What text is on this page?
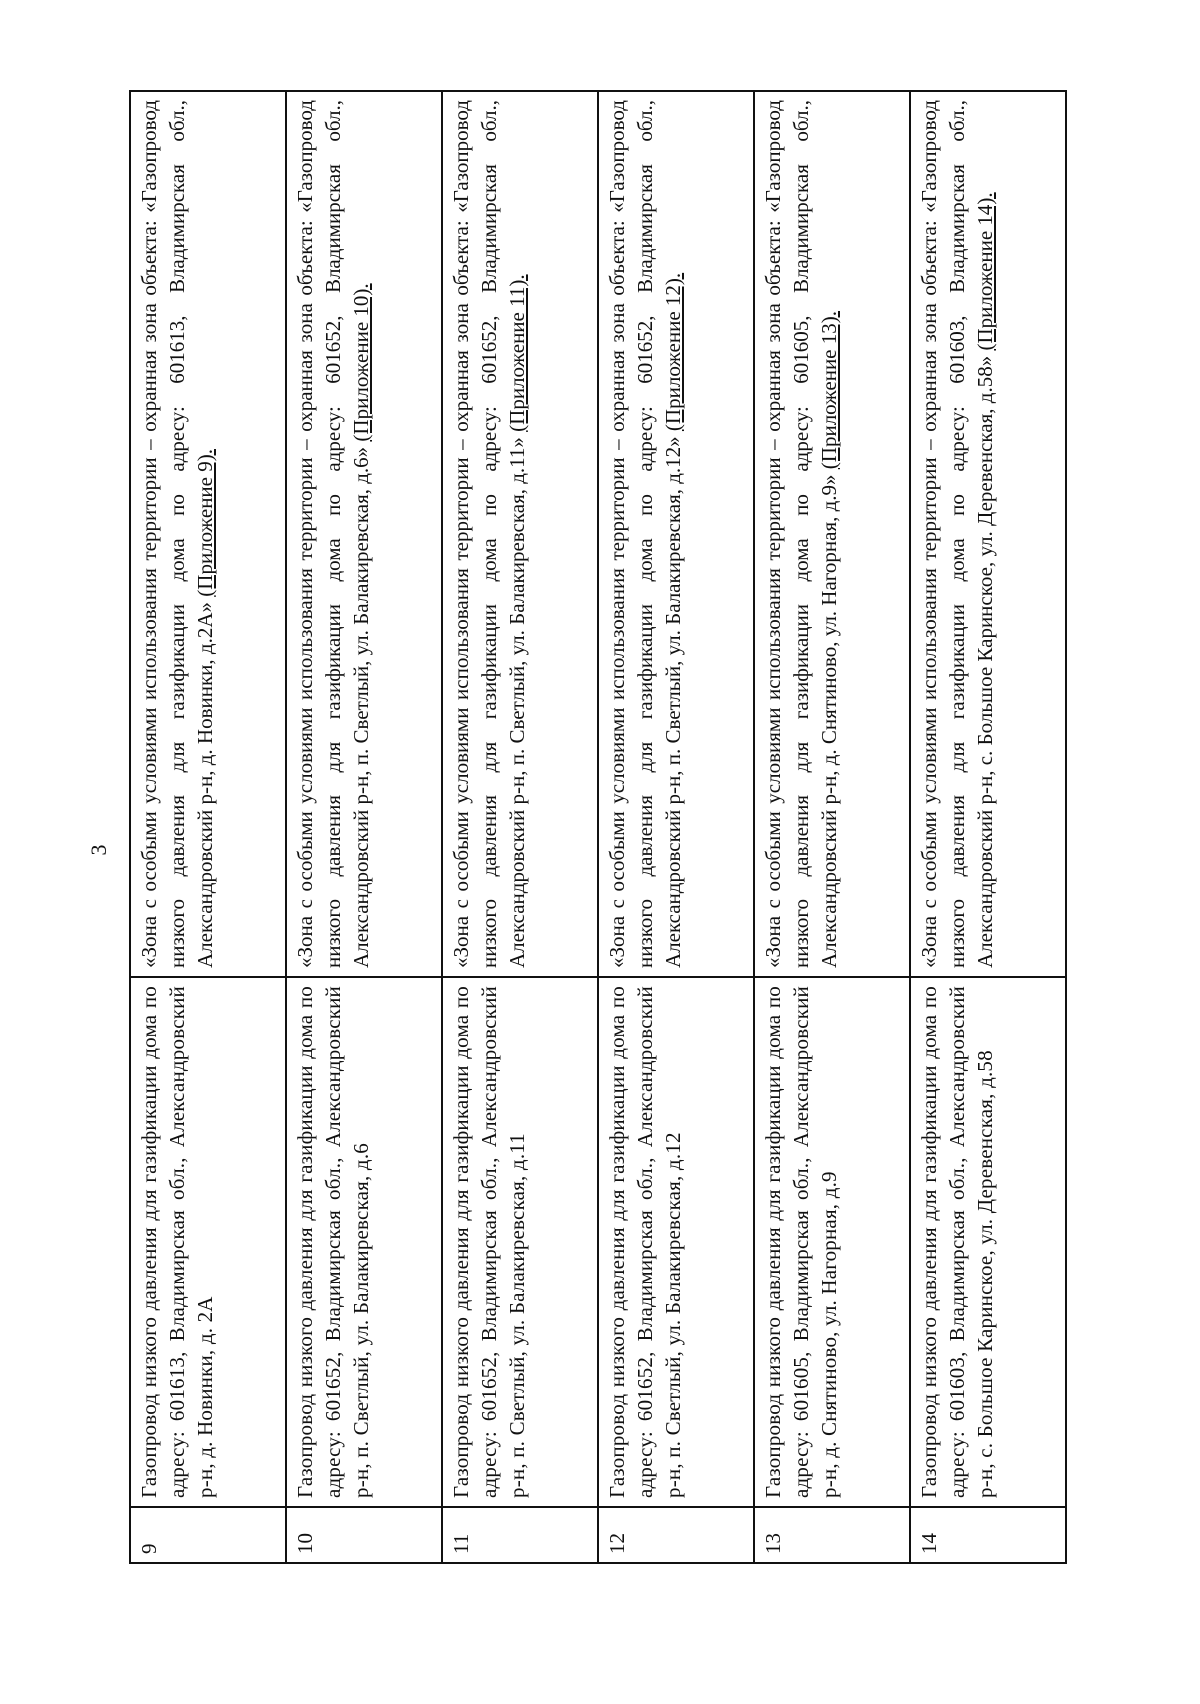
3
9	Газопровод низкого давления для газификации дома по адресу: 601613, Владимирская обл., Александровский р-н, д. Новинки, д. 2А	«Зона с особыми условиями использования территории – охранная зона объекта: «Газопровод низкого давления для газификации дома по адресу: 601613, Владимирская обл., Александровский р-н, д. Новинки, д.2А» (Приложение 9).
10	Газопровод низкого давления для газификации дома по адресу: 601652, Владимирская обл., Александровский р-н, п. Светлый, ул. Балакиревская, д.6	«Зона с особыми условиями использования территории – охранная зона объекта: «Газопровод низкого давления для газификации дома по адресу: 601652, Владимирская обл., Александровский р-н, п. Светлый, ул. Балакиревская, д.6» (Приложение 10).
11	Газопровод низкого давления для газификации дома по адресу: 601652, Владимирская обл., Александровский р-н, п. Светлый, ул. Балакиревская, д.11	«Зона с особыми условиями использования территории – охранная зона объекта: «Газопровод низкого давления для газификации дома по адресу: 601652, Владимирская обл., Александровский р-н, п. Светлый, ул. Балакиревская, д.11» (Приложение 11).
12	Газопровод низкого давления для газификации дома по адресу: 601652, Владимирская обл., Александровский р-н, п. Светлый, ул. Балакиревская, д.12	«Зона с особыми условиями использования территории – охранная зона объекта: «Газопровод низкого давления для газификации дома по адресу: 601652, Владимирская обл., Александровский р-н, п. Светлый, ул. Балакиревская, д.12» (Приложение 12).
13	Газопровод низкого давления для газификации дома по адресу: 601605, Владимирская обл., Александровский р-н, д. Снятиново, ул. Нагорная, д.9	«Зона с особыми условиями использования территории – охранная зона объекта: «Газопровод низкого давления для газификации дома по адресу: 601605, Владимирская обл., Александровский р-н, д. Снятиново, ул. Нагорная, д.9» (Приложение 13).
14	Газопровод низкого давления для газификации дома по адресу: 601603, Владимирская обл., Александровский р-н, с. Большое Каринское, ул. Деревенская, д.58	«Зона с особыми условиями использования территории – охранная зона объекта: «Газопровод низкого давления для газификации дома по адресу: 601603, Владимирская обл., Александровский р-н, с. Большое Каринское, ул. Деревенская, д.58» (Приложение 14).
